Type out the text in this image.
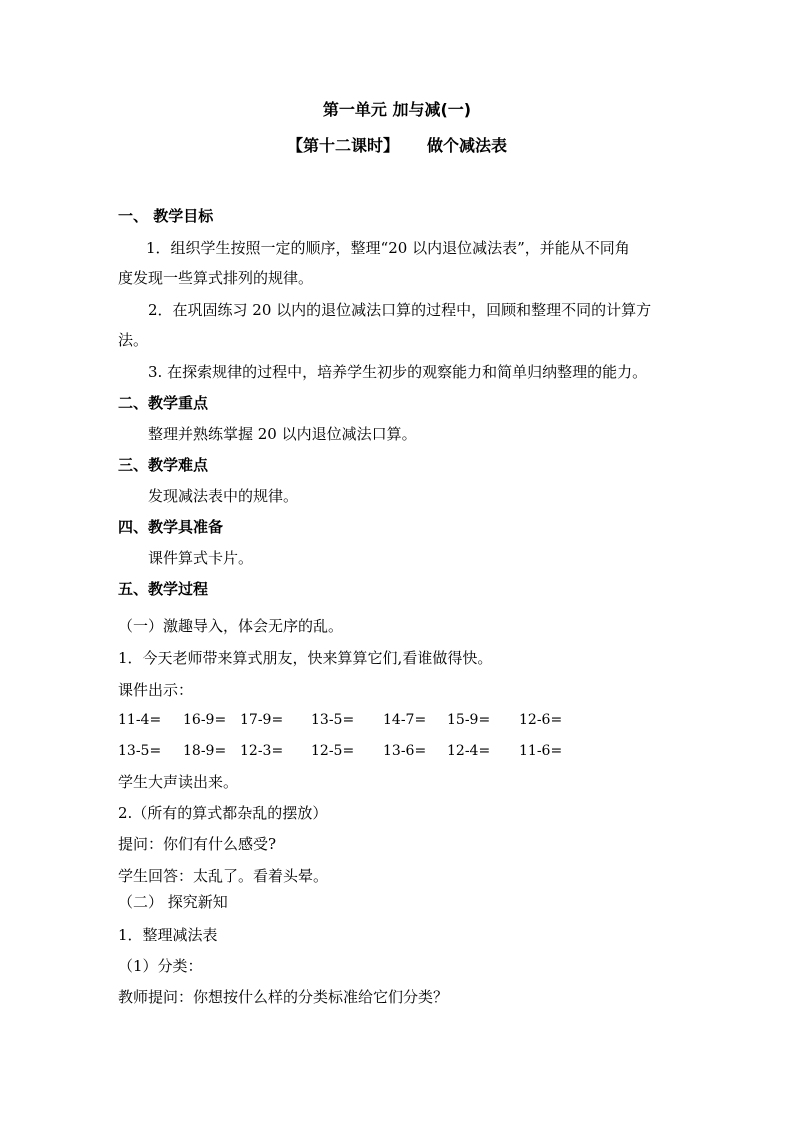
第一单元 加与减(一)
【第十二课时】 做个减法表
一、 教学目标
1．组织学生按照一定的顺序，整理“20 以内退位减法表”，并能从不同角
度发现一些算式排列的规律。
2．在巩固练习 20 以内的退位减法口算的过程中，回顾和整理不同的计算方
法。
3. 在探索规律的过程中，培养学生初步的观察能力和简单归纳整理的能力。
二、教学重点
整理并熟练掌握 20 以内退位减法口算。
三、教学难点
发现减法表中的规律。
四、教学具准备
课件算式卡片。
五、教学过程
（一）激趣导入，体会无序的乱。
1．今天老师带来算式朋友，快来算算它们,看谁做得快。
课件出示：
11-4= 16-9= 17-9= 13-5= 14-7= 15-9= 12-6=
13-5= 18-9= 12-3= 12-5= 13-6= 12-4= 11-6=
学生大声读出来。
2.（所有的算式都杂乱的摆放）
提问：你们有什么感受?
学生回答：太乱了。看着头晕。
（二） 探究新知
1．整理减法表
（1）分类：
教师提问：你想按什么样的分类标准给它们分类？
